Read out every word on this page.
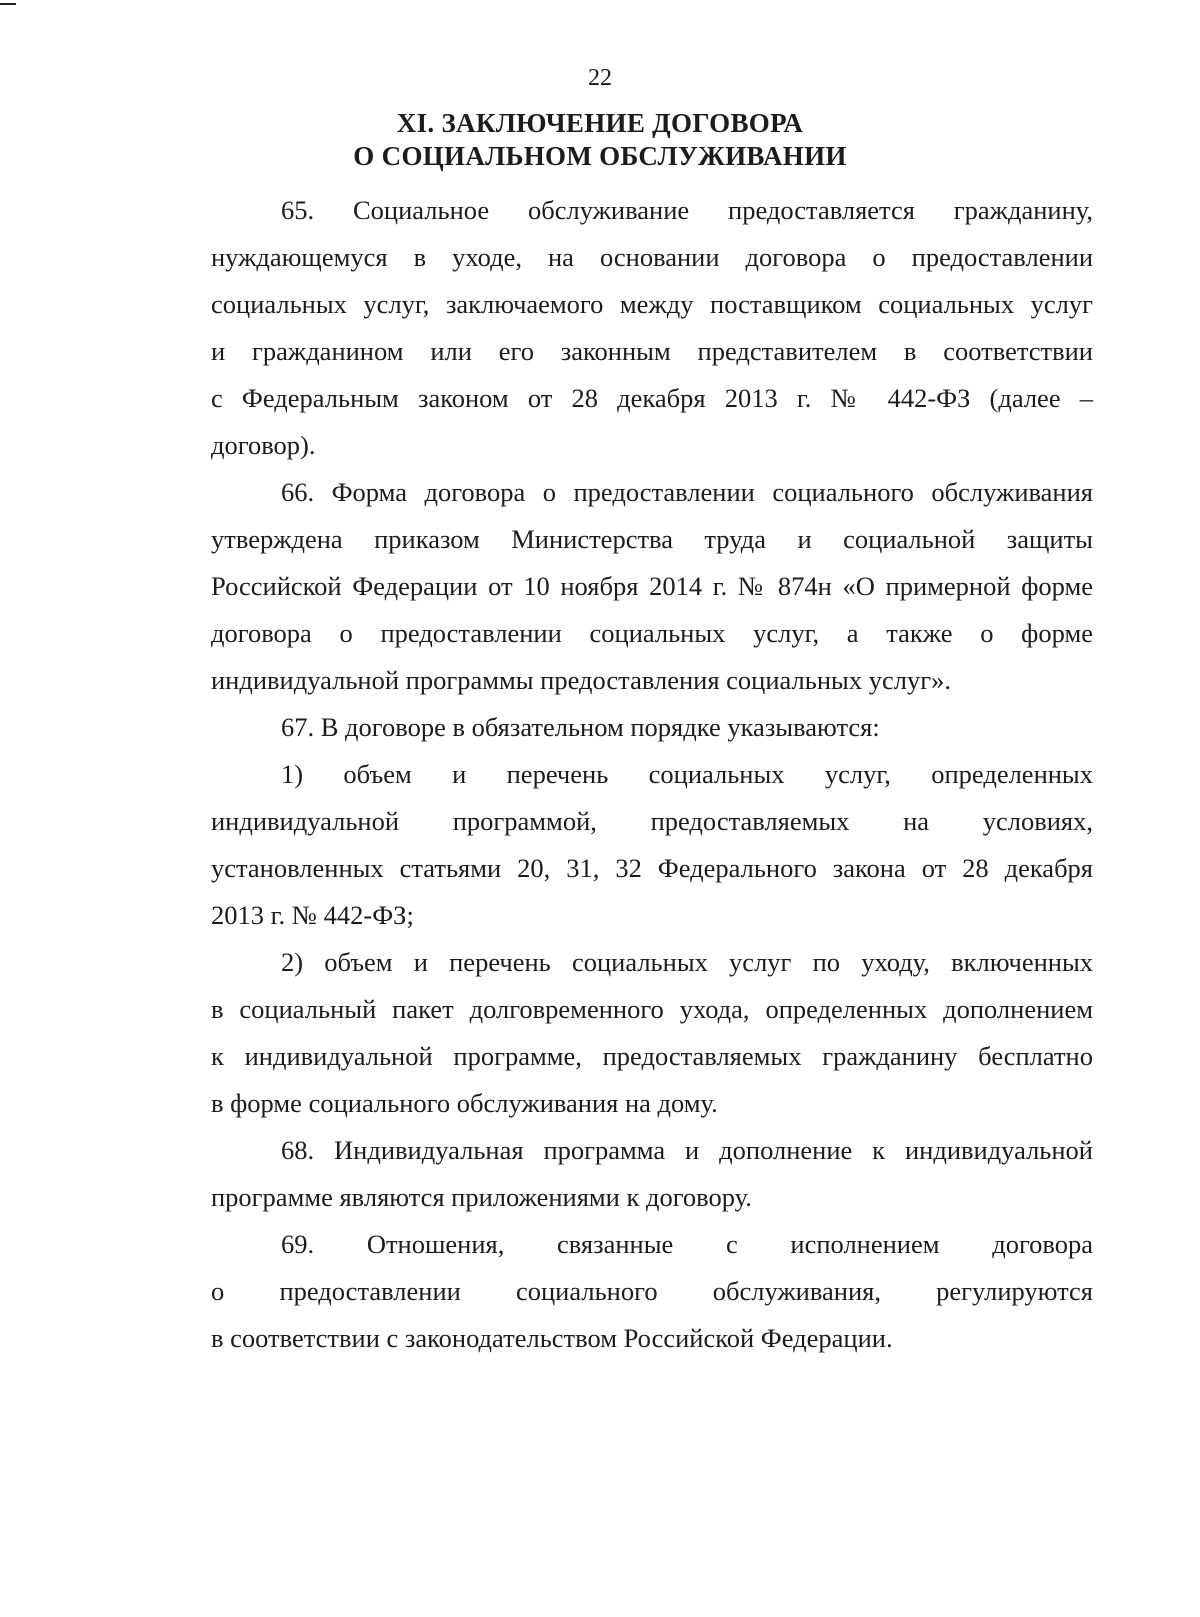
22
XI. ЗАКЛЮЧЕНИЕ ДОГОВОРА
О СОЦИАЛЬНОМ ОБСЛУЖИВАНИИ
65. Социальное обслуживание предоставляется гражданину,
нуждающемуся в уходе, на основании договора о предоставлении
социальных услуг, заключаемого между поставщиком социальных услуг
и гражданином или его законным представителем в соответствии
с Федеральным законом от 28 декабря 2013 г. № 442-ФЗ (далее –
договор).
66. Форма договора о предоставлении социального обслуживания
утверждена приказом Министерства труда и социальной защиты
Российской Федерации от 10 ноября 2014 г. № 874н «О примерной форме
договора о предоставлении социальных услуг, а также о форме
индивидуальной программы предоставления социальных услуг».
67. В договоре в обязательном порядке указываются:
1) объем и перечень социальных услуг, определенных
индивидуальной программой, предоставляемых на условиях,
установленных статьями 20, 31, 32 Федерального закона от 28 декабря
2013 г. № 442-ФЗ;
2) объем и перечень социальных услуг по уходу, включенных
в социальный пакет долговременного ухода, определенных дополнением
к индивидуальной программе, предоставляемых гражданину бесплатно
в форме социального обслуживания на дому.
68. Индивидуальная программа и дополнение к индивидуальной
программе являются приложениями к договору.
69. Отношения, связанные с исполнением договора
о предоставлении социального обслуживания, регулируются
в соответствии с законодательством Российской Федерации.
